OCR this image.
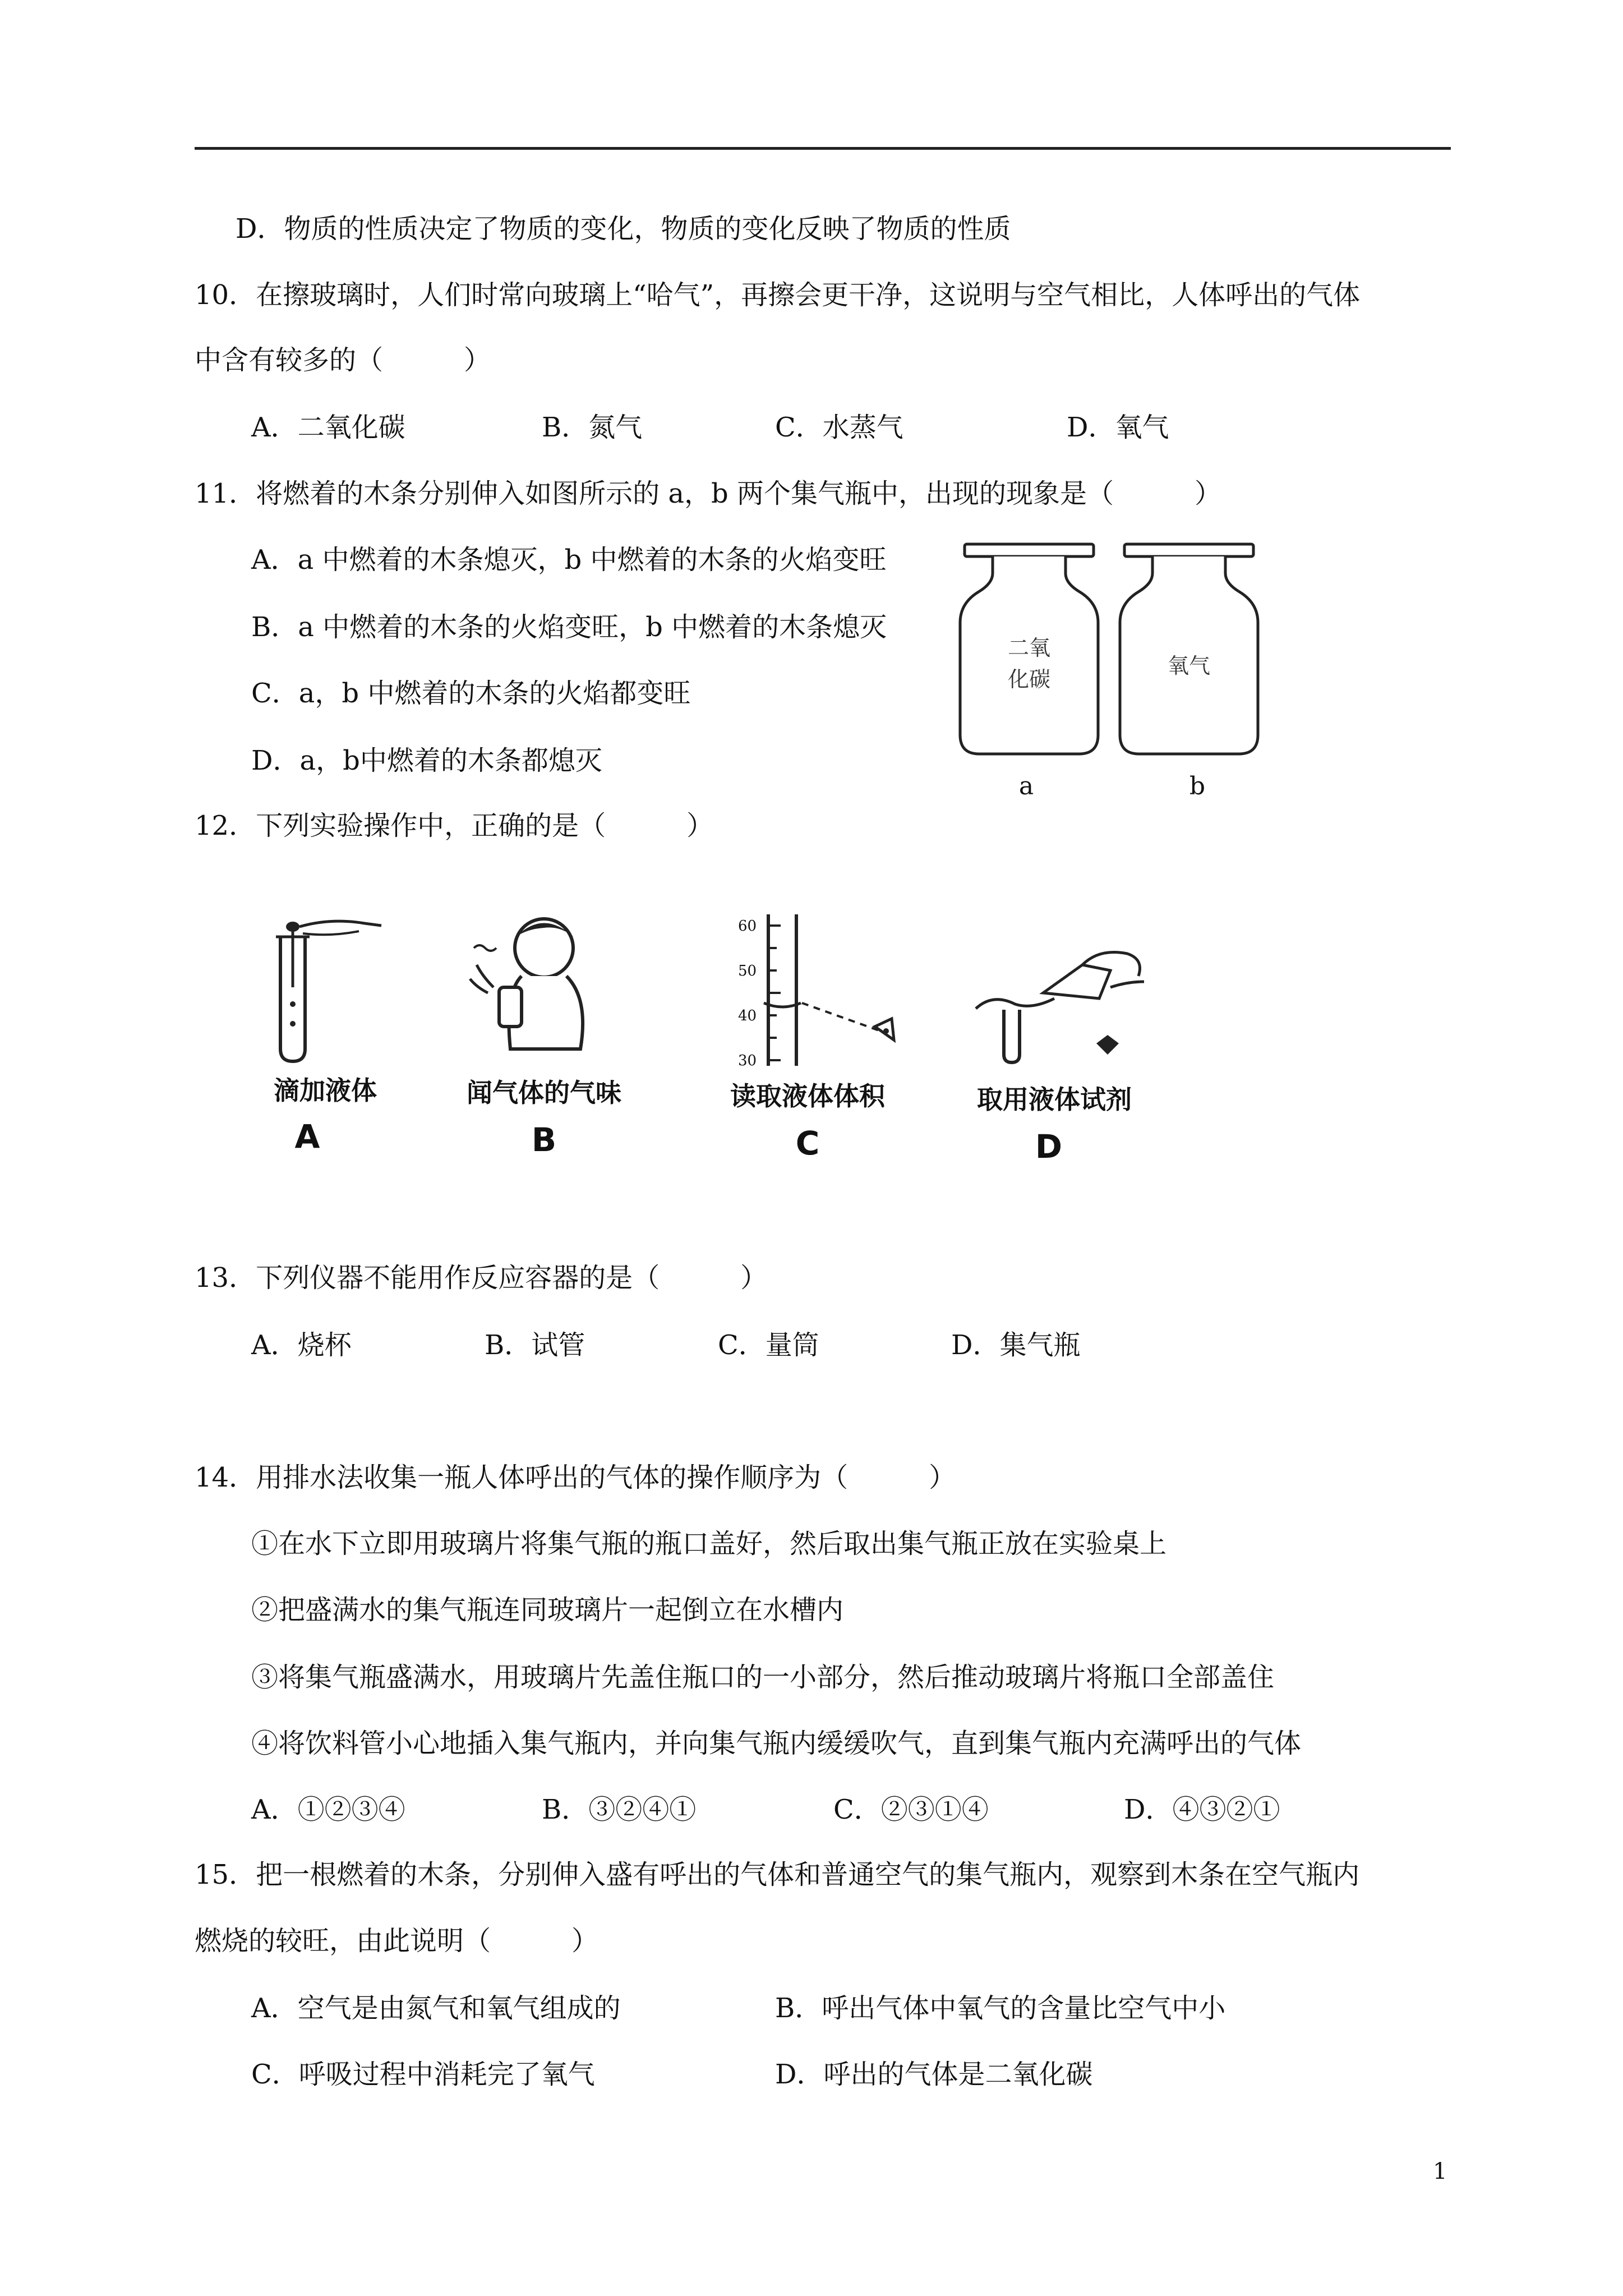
D．物质的性质决定了物质的变化，物质的变化反映了物质的性质
10．在擦玻璃时，人们时常向玻璃上“哈气”，再擦会更干净，这说明与空气相比，人体呼出的气体
中含有较多的（　　　）
A．二氧化碳	B．氮气	C．水蒸气	D．氧气
11．将燃着的木条分别伸入如图所示的 a，b 两个集气瓶中，出现的现象是（　　　）
A．a 中燃着的木条熄灭，b 中燃着的木条的火焰变旺
B．a 中燃着的木条的火焰变旺，b 中燃着的木条熄灭
C．a，b 中燃着的木条的火焰都变旺
D．a，b中燃着的木条都熄灭
二氧
化碳
氧气
a	b
12．下列实验操作中，正确的是（　　　）
60
50
40
30
滴加液体	闻气体的气味	读取液体体积	取用液体试剂
A	B	C	D
13．下列仪器不能用作反应容器的是（　　　）
A．烧杯	B．试管	C．量筒	D．集气瓶
14．用排水法收集一瓶人体呼出的气体的操作顺序为（　　　）
①在水下立即用玻璃片将集气瓶的瓶口盖好，然后取出集气瓶正放在实验桌上
②把盛满水的集气瓶连同玻璃片一起倒立在水槽内
③将集气瓶盛满水，用玻璃片先盖住瓶口的一小部分，然后推动玻璃片将瓶口全部盖住
④将饮料管小心地插入集气瓶内，并向集气瓶内缓缓吹气，直到集气瓶内充满呼出的气体
A．①②③④	B．③②④①	C．②③①④	D．④③②①
15．把一根燃着的木条，分别伸入盛有呼出的气体和普通空气的集气瓶内，观察到木条在空气瓶内
燃烧的较旺，由此说明（　　　）
A．空气是由氮气和氧气组成的	B．呼出气体中氧气的含量比空气中小
C．呼吸过程中消耗完了氧气	D．呼出的气体是二氧化碳
1
